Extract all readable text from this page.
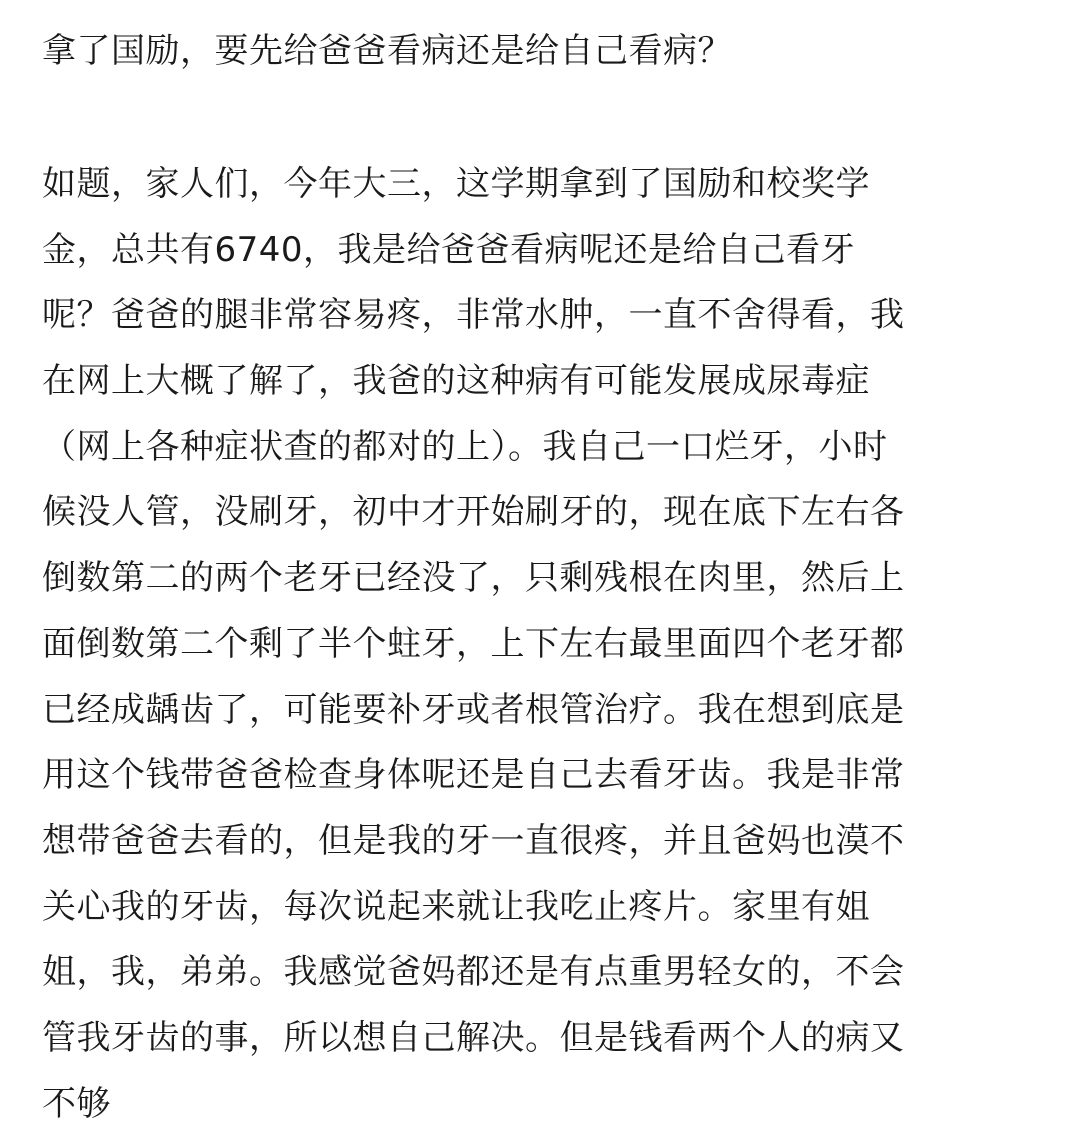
拿了国励，要先给爸爸看病还是给自己看病？
如题，家人们，今年大三，这学期拿到了国励和校奖学
金，总共有6740，我是给爸爸看病呢还是给自己看牙
呢？爸爸的腿非常容易疼，非常水肿，一直不舍得看，我
在网上大概了解了，我爸的这种病有可能发展成尿毒症
（网上各种症状查的都对的上）。我自己一口烂牙，小时
候没人管，没刷牙，初中才开始刷牙的，现在底下左右各
倒数第二的两个老牙已经没了，只剩残根在肉里，然后上
面倒数第二个剩了半个蛀牙，上下左右最里面四个老牙都
已经成龋齿了，可能要补牙或者根管治疗。我在想到底是
用这个钱带爸爸检查身体呢还是自己去看牙齿。我是非常
想带爸爸去看的，但是我的牙一直很疼，并且爸妈也漠不
关心我的牙齿，每次说起来就让我吃止疼片。家里有姐
姐，我，弟弟。我感觉爸妈都还是有点重男轻女的，不会
管我牙齿的事，所以想自己解决。但是钱看两个人的病又
不够
